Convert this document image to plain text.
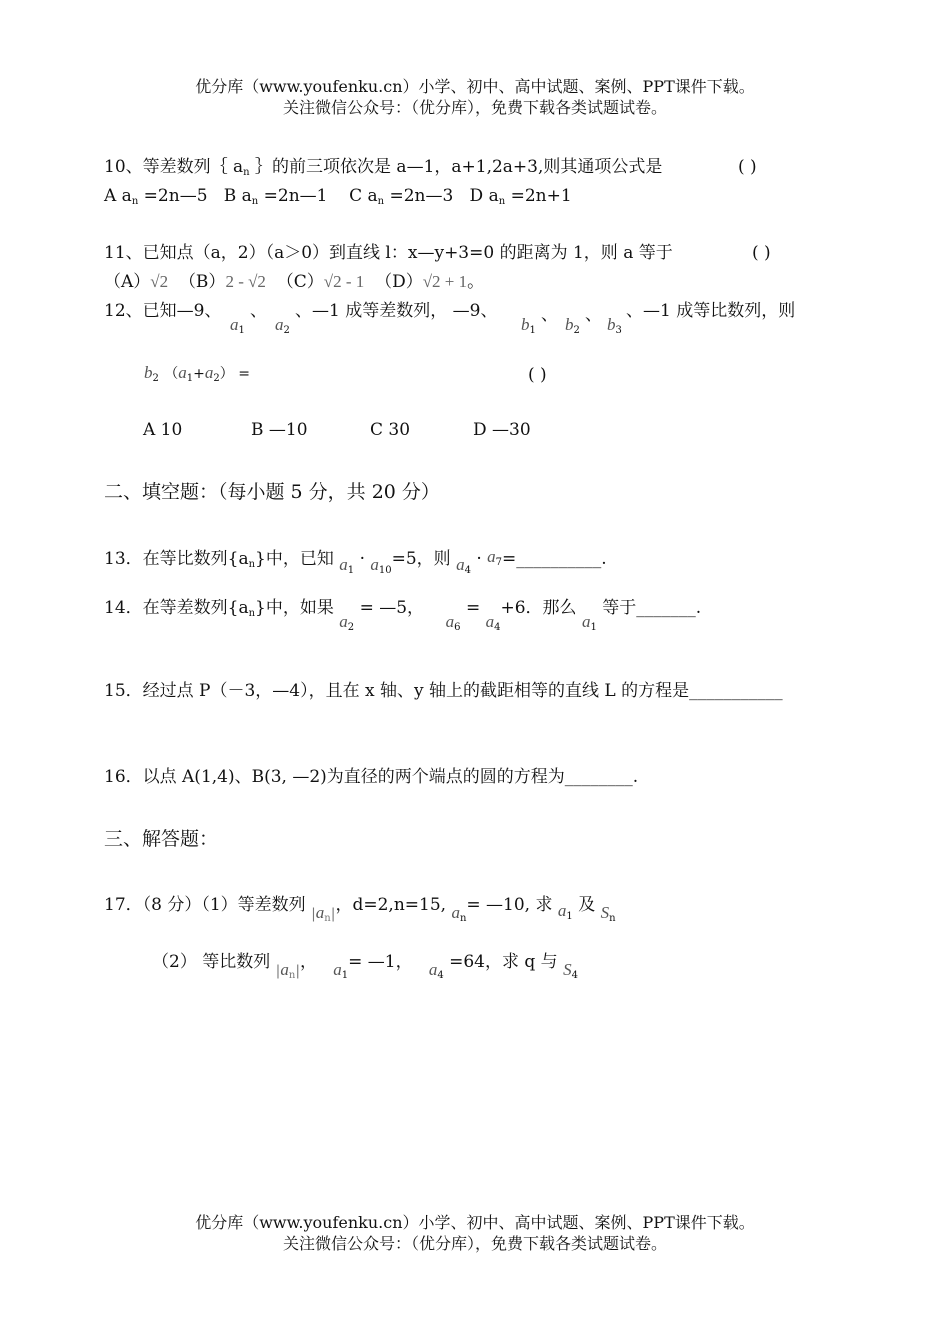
优分库（www.youfenku.cn）小学、初中、高中试题、案例、PPT课件下载。
关注微信公众号：（优分库），免费下载各类试题试卷。
10、等差数列｛ $a_n$ ｝的前三项依次是 a—1，a+1,2a+3,则其通项公式是	( )
A $a_n$ =2n—5 B $a_n$ =2n—1 C $a_n$ =2n—3 D $a_n =2n+1$
11、已知点（a，2）（a＞0）到直线 l：x—y+3=0 的距离为 1，则 a 等于	( )
（A）√2 （B）2 - √2 （C）√2 - 1 （D）√2 + 1。
12、已知—9、
$a_1$
、
$a_2$
、—1 成等差数列， —9、
$b_1$
、 $b_2$
、 $b_3$
、—1 成等比数列，则
$b_2$ $(a_1+a_2)$ =	( )
A 10	B —10	C 30	D —30
二、填空题：（每小题 5 分，共 20 分）
13．在等比数列$\{a_n\}$中，已知 $a_1 \cdot a_{10}=5$，则 $a_4$ · $a_7=\_\_\_\_\_\_\_\_\_\_$.
14．在等差数列$\{a_n\}$中，如果 $a_2$ = —5，    $a_6 = a_4+6$．那么 $a_1$ 等于_______.
15．经过点 P（－3，—4），且在 x 轴、y 轴上的截距相等的直线 L 的方程是___________
16．以点 A(1,4)、B(3, —2)为直径的两个端点的圆的方程为________.
三、解答题：
17．（8 分）（1）等差数列 $_{|a_n|}$，d=2,n=15, $a_n=$ —10, 求 $a_1$ 及 $S_n$
（2） 等比数列 $_{|a_n|}$， $a_1=$ —1， $a_4 =64$，求 q 与 $S_4$
优分库（www.youfenku.cn）小学、初中、高中试题、案例、PPT课件下载。
关注微信公众号：（优分库），免费下载各类试题试卷。
